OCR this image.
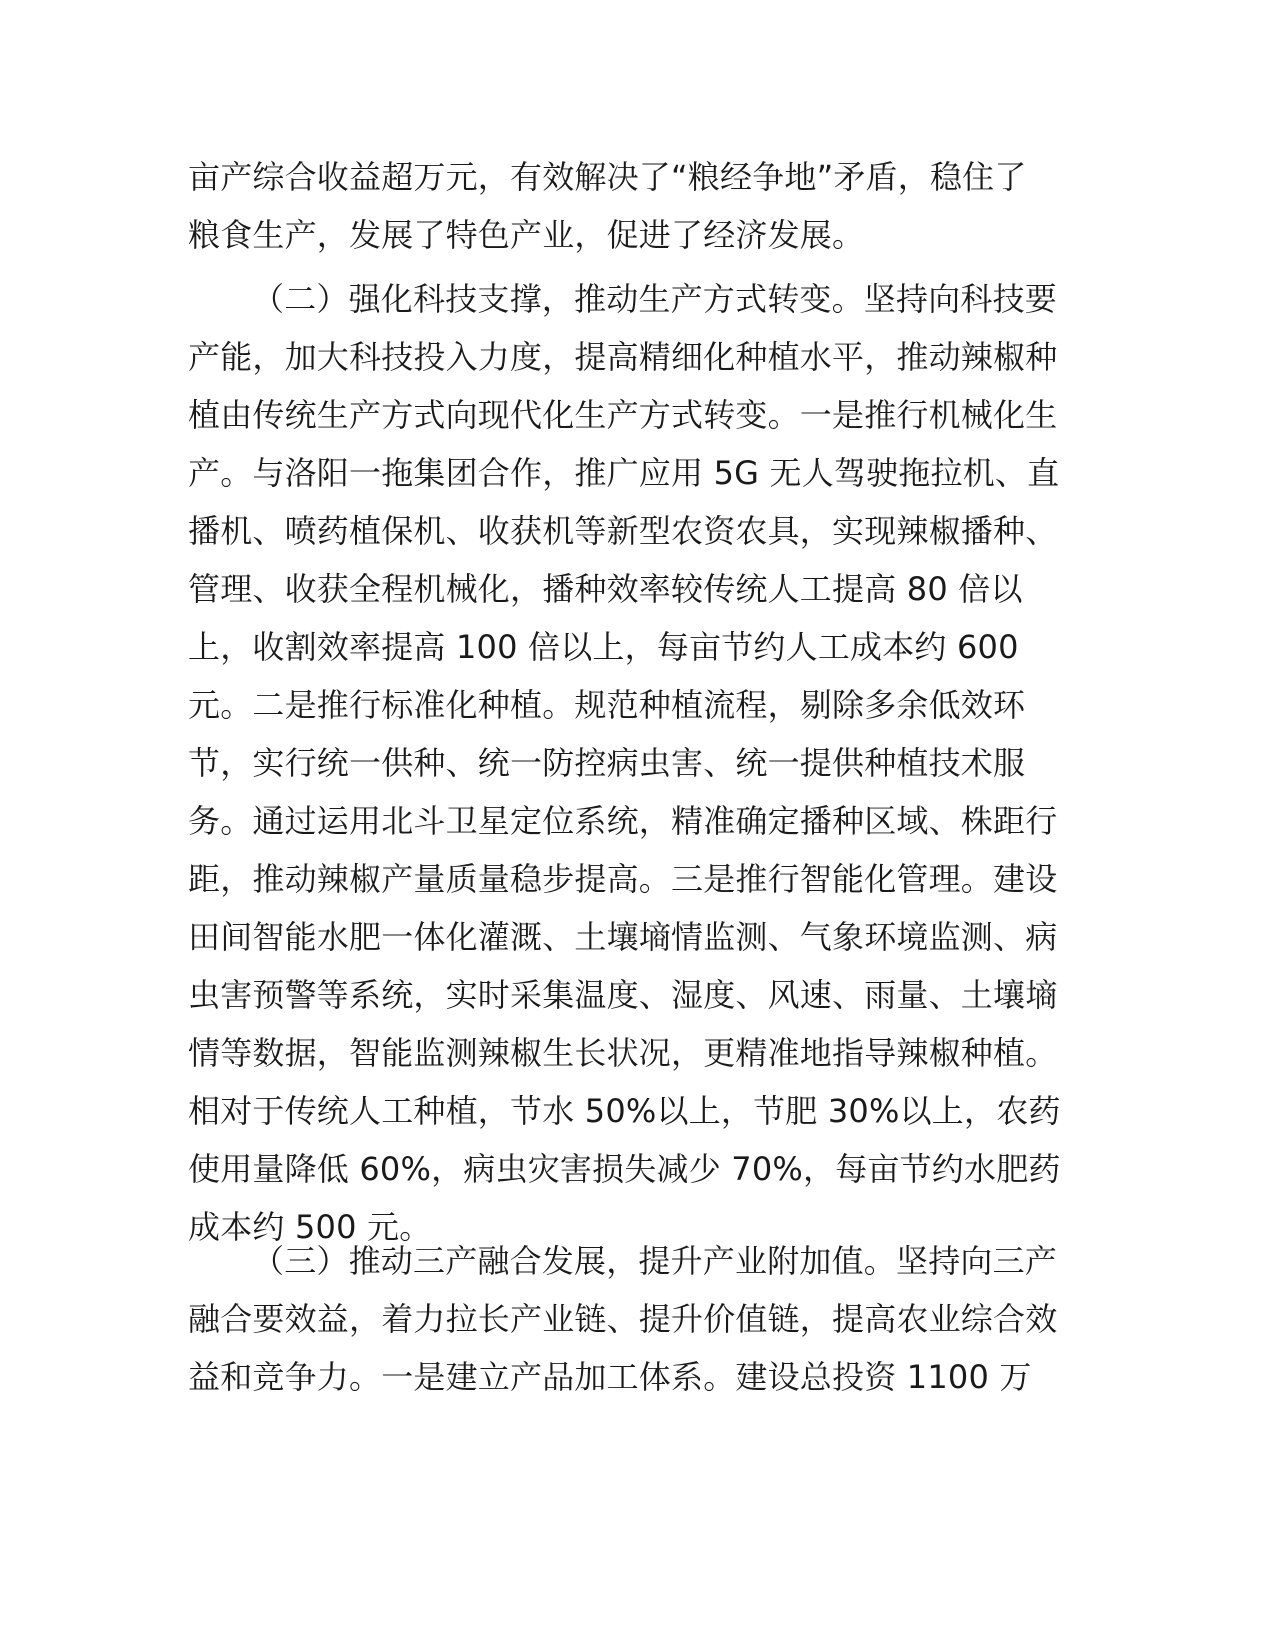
亩产综合收益超万元，有效解决了“粮经争地”矛盾，稳住了
粮食生产，发展了特色产业，促进了经济发展。
（二）强化科技支撑，推动生产方式转变。坚持向科技要
产能，加大科技投入力度，提高精细化种植水平，推动辣椒种
植由传统生产方式向现代化生产方式转变。一是推行机械化生
产。与洛阳一拖集团合作，推广应用 5G 无人驾驶拖拉机、直
播机、喷药植保机、收获机等新型农资农具，实现辣椒播种、
管理、收获全程机械化，播种效率较传统人工提高 80 倍以
上，收割效率提高 100 倍以上，每亩节约人工成本约 600
元。二是推行标准化种植。规范种植流程，剔除多余低效环
节，实行统一供种、统一防控病虫害、统一提供种植技术服
务。通过运用北斗卫星定位系统，精准确定播种区域、株距行
距，推动辣椒产量质量稳步提高。三是推行智能化管理。建设
田间智能水肥一体化灌溉、土壤墒情监测、气象环境监测、病
虫害预警等系统，实时采集温度、湿度、风速、雨量、土壤墒
情等数据，智能监测辣椒生长状况，更精准地指导辣椒种植。
相对于传统人工种植，节水 50%以上，节肥 30%以上，农药
使用量降低 60%，病虫灾害损失减少 70%，每亩节约水肥药
成本约 500 元。
（三）推动三产融合发展，提升产业附加值。坚持向三产
融合要效益，着力拉长产业链、提升价值链，提高农业综合效
益和竞争力。一是建立产品加工体系。建设总投资 1100 万
